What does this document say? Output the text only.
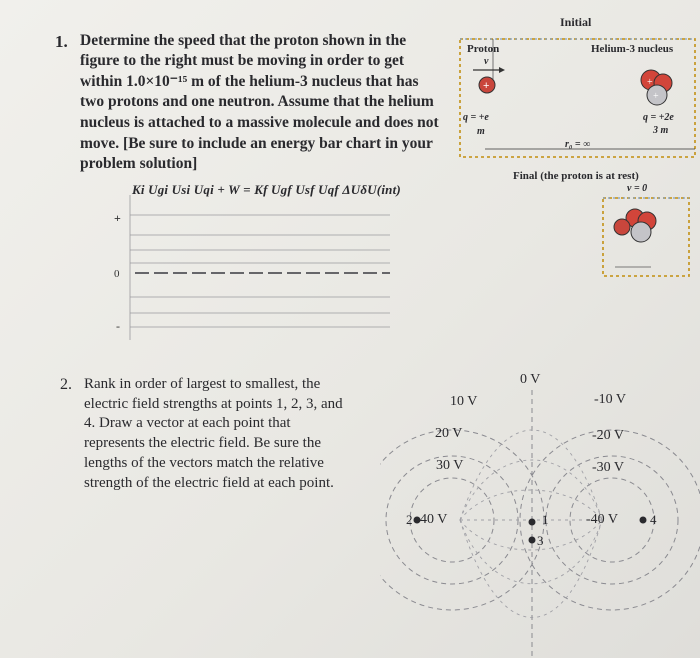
1. Determine the speed that the proton shown in the
figure to the right must be moving in order to get
within 1.0×10⁻¹⁵ m of the helium-3 nucleus that has
two protons and one neutron. Assume that the helium
nucleus is attached to a massive molecule and does not
move. [Be sure to include an energy bar chart in your
problem solution]
Ki Ugi Usi Uqi + W = Kf Ugf Usf Uqf ΔUδU(int)
+
0
-
+	+
+
Initial
Proton	Helium-3 nucleus
v
q = +e
m
q = +2e
3 m
r₀ = ∞
Final (the proton is at rest)
v = 0
2. Rank in order of largest to smallest, the
electric field strengths at points 1, 2, 3, and
4. Draw a vector at each point that
represents the electric field. Be sure the
lengths of the vectors match the relative
strength of the electric field at each point.
0 V
10 V
20 V
30 V
40 V
-10 V
-20 V
-30 V
-40 V
1
2
3
4
